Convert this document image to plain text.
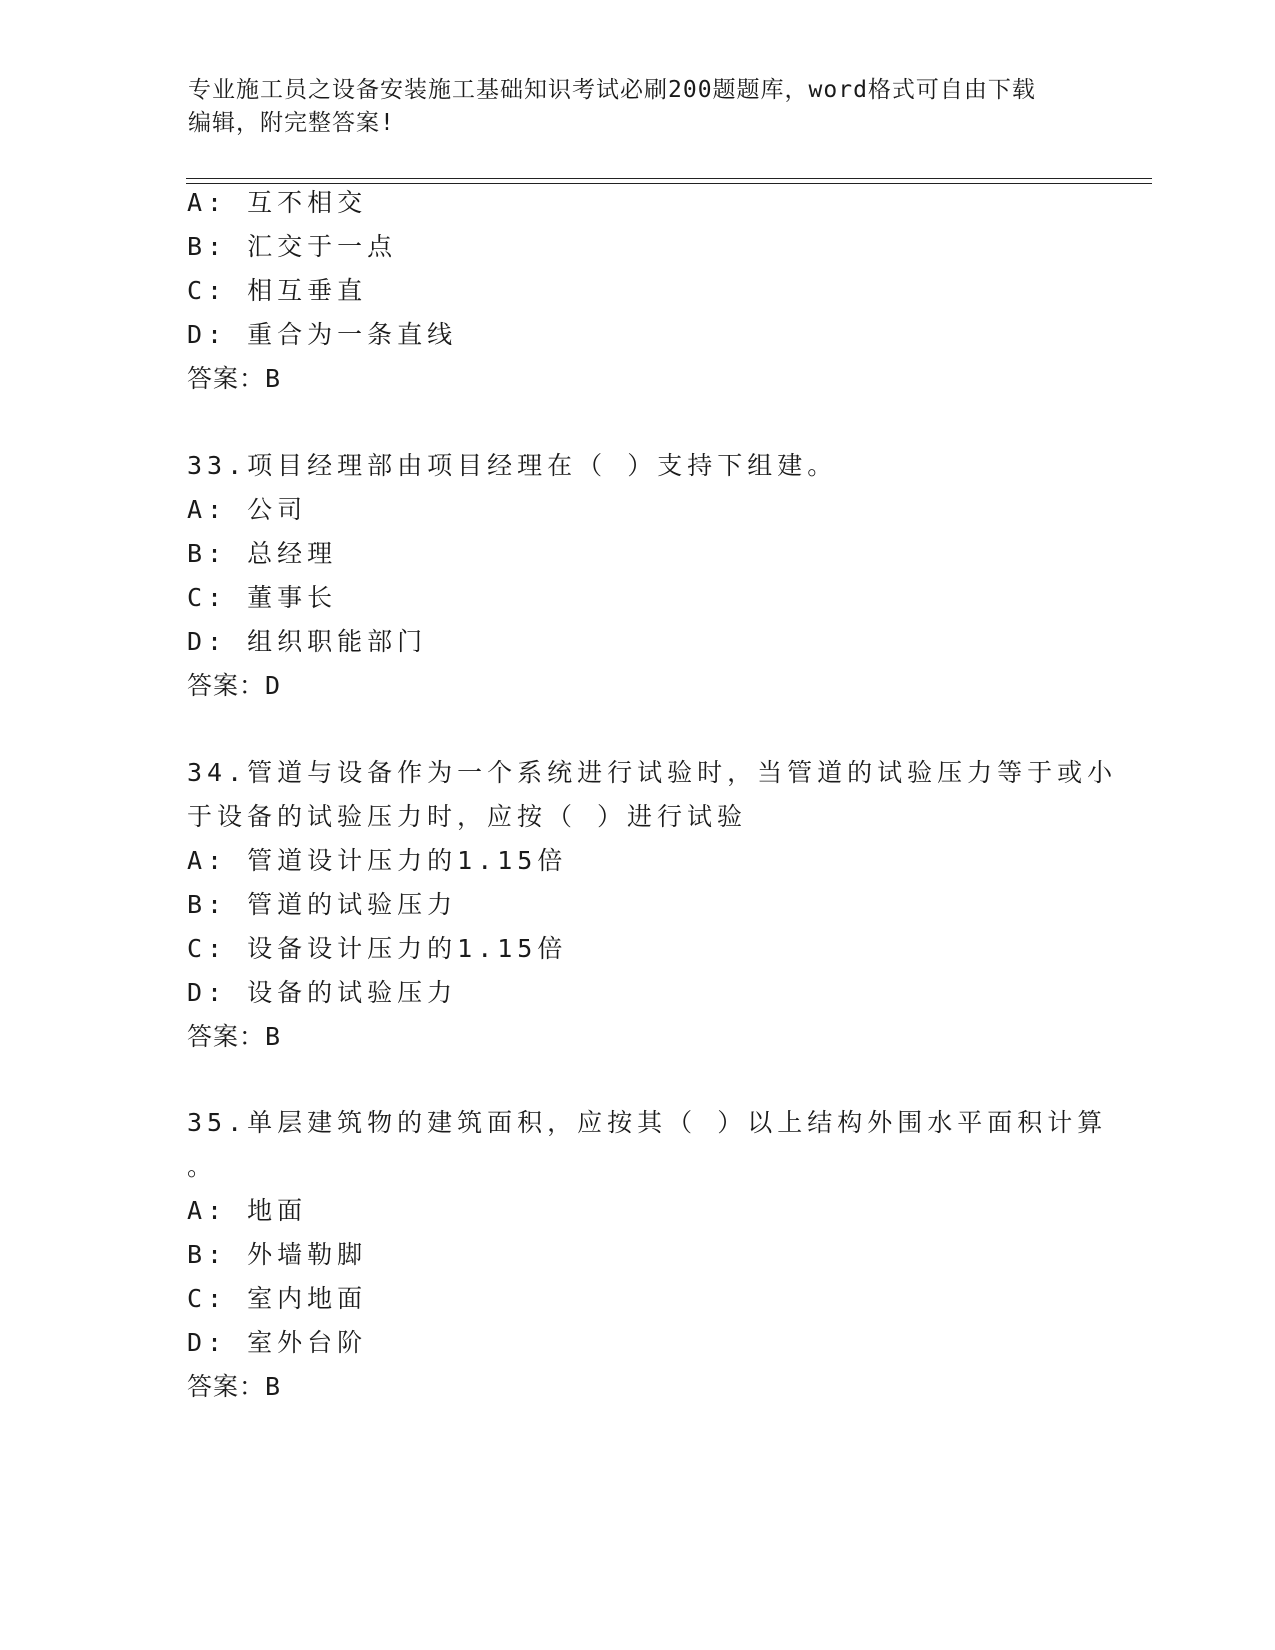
专业施工员之设备安装施工基础知识考试必刷200题题库，word格式可自由下载
编辑，附完整答案!
A: 互不相交
B: 汇交于一点
C: 相互垂直
D: 重合为一条直线
答案：B
33.项目经理部由项目经理在（ ）支持下组建。
A: 公司
B: 总经理
C: 董事长
D: 组织职能部门
答案：D
34.管道与设备作为一个系统进行试验时，当管道的试验压力等于或小
于设备的试验压力时，应按（ ）进行试验
A: 管道设计压力的1.15倍
B: 管道的试验压力
C: 设备设计压力的1.15倍
D: 设备的试验压力
答案：B
35.单层建筑物的建筑面积，应按其（ ）以上结构外围水平面积计算
。
A: 地面
B: 外墙勒脚
C: 室内地面
D: 室外台阶
答案：B
